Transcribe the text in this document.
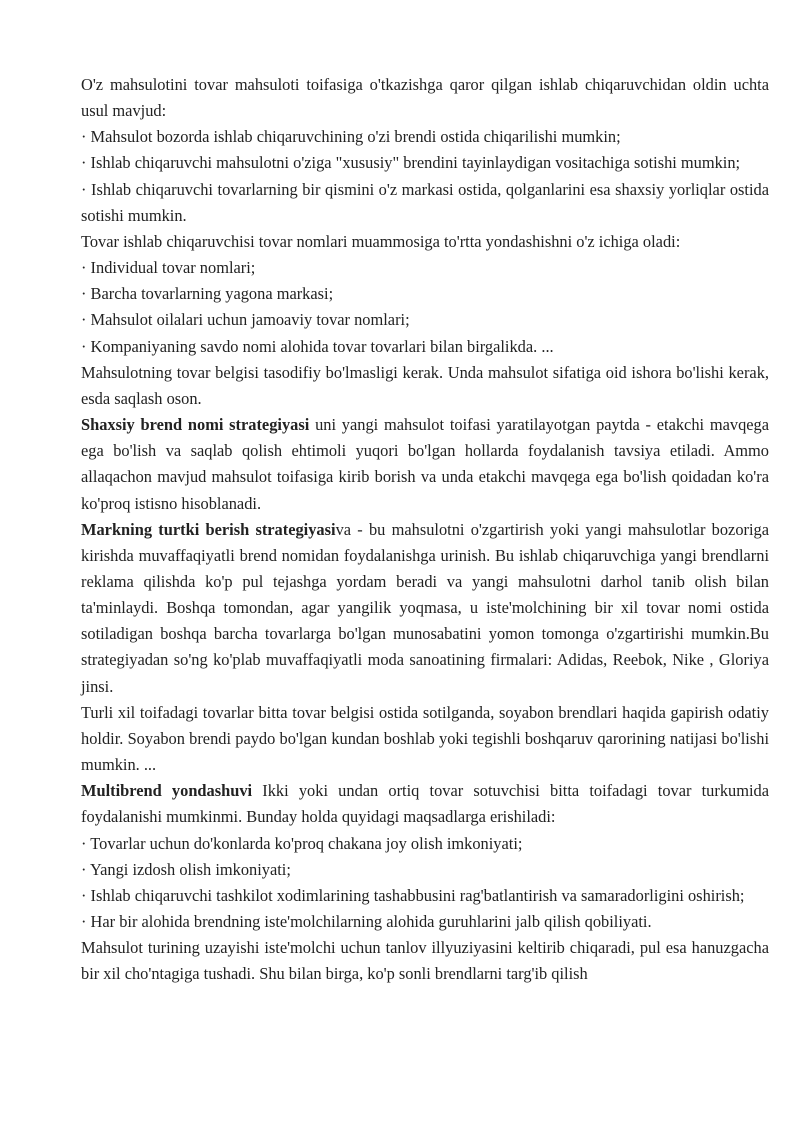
O'z mahsulotini tovar mahsuloti toifasiga o'tkazishga qaror qilgan ishlab chiqaruvchidan oldin uchta usul mavjud:

· Mahsulot bozorda ishlab chiqaruvchining o'zi brendi ostida chiqarilishi mumkin;

· Ishlab chiqaruvchi mahsulotni o'ziga "xususiy" brendini tayinlaydigan vositachiga sotishi mumkin;

· Ishlab chiqaruvchi tovarlarning bir qismini o'z markasi ostida, qolganlarini esa shaxsiy yorliqlar ostida sotishi mumkin.

Tovar ishlab chiqaruvchisi tovar nomlari muammosiga to'rtta yondashishni o'z ichiga oladi:

· Individual tovar nomlari;

· Barcha tovarlarning yagona markasi;

· Mahsulot oilalari uchun jamoaviy tovar nomlari;

· Kompaniyaning savdo nomi alohida tovar tovarlari bilan birgalikda. ...

Mahsulotning tovar belgisi tasodifiy bo'lmasligi kerak. Unda mahsulot sifatiga oid ishora bo'lishi kerak, esda saqlash oson.

Shaxsiy brend nomi strategiyasi uni yangi mahsulot toifasi yaratilayotgan paytda - etakchi mavqega ega bo'lish va saqlab qolish ehtimoli yuqori bo'lgan hollarda foydalanish tavsiya etiladi. Ammo allaqachon mavjud mahsulot toifasiga kirib borish va unda etakchi mavqega ega bo'lish qoidadan ko'ra ko'proq istisno hisoblanadi.

Markning turtki berish strategiyasiva - bu mahsulotni o'zgartirish yoki yangi mahsulotlar bozoriga kirishda muvaffaqiyatli brend nomidan foydalanishga urinish. Bu ishlab chiqaruvchiga yangi brendlarni reklama qilishda ko'p pul tejashga yordam beradi va yangi mahsulotni darhol tanib olish bilan ta'minlaydi. Boshqa tomondan, agar yangilik yoqmasa, u iste'molchining bir xil tovar nomi ostida sotiladigan boshqa barcha tovarlarga bo'lgan munosabatini yomon tomonga o'zgartirishi mumkin.Bu strategiyadan so'ng ko'plab muvaffaqiyatli moda sanoatining firmalari: Adidas, Reebok, Nike , Gloriya jinsi.

Turli xil toifadagi tovarlar bitta tovar belgisi ostida sotilganda, soyabon brendlari haqida gapirish odatiy holdir. Soyabon brendi paydo bo'lgan kundan boshlab yoki tegishli boshqaruv qarorining natijasi bo'lishi mumkin. ...

Multibrend yondashuvi Ikki yoki undan ortiq tovar sotuvchisi bitta toifadagi tovar turkumida foydalanishi mumkinmi. Bunday holda quyidagi maqsadlarga erishiladi:

· Tovarlar uchun do'konlarda ko'proq chakana joy olish imkoniyati;

· Yangi izdosh olish imkoniyati;

· Ishlab chiqaruvchi tashkilot xodimlarining tashabbusini rag'batlantirish va samaradorligini oshirish;

· Har bir alohida brendning iste'molchilarning alohida guruhlarini jalb qilish qobiliyati.

Mahsulot turining uzayishi iste'molchi uchun tanlov illyuziyasini keltirib chiqaradi, pul esa hanuzgacha bir xil cho'ntagiga tushadi. Shu bilan birga, ko'p sonli brendlarni targ'ib qilish
